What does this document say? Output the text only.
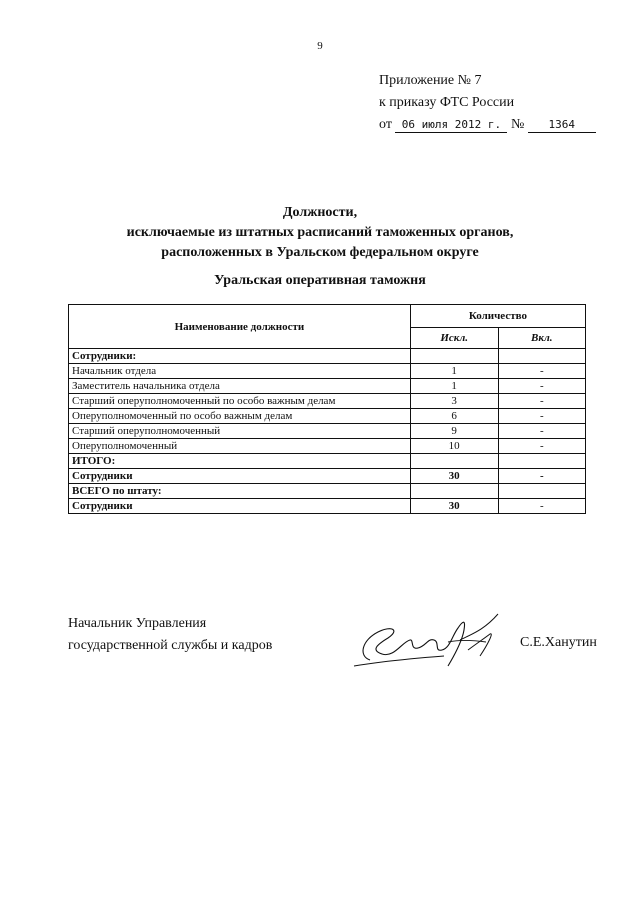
9
Приложение № 7
к приказу ФТС России
от 06 июля 2012 г. № 1364
Должности,
исключаемые из штатных расписаний таможенных органов,
расположенных в Уральском федеральном округе
Уральская оперативная таможня
Наименование должности	Количество	
	Искл.	Вкл.
Сотрудники:		
Начальник отдела	1	-
Заместитель начальника отдела	1	-
Старший оперуполномоченный по особо важным делам	3	-
Оперуполномоченный по особо важным делам	6	-
Старший оперуполномоченный	9	-
Оперуполномоченный	10	-
ИТОГО:		
Сотрудники	30	-
ВСЕГО по штату:		
Сотрудники	30	-
Начальник Управления
государственной службы и кадров	С.Е.Ханутин
